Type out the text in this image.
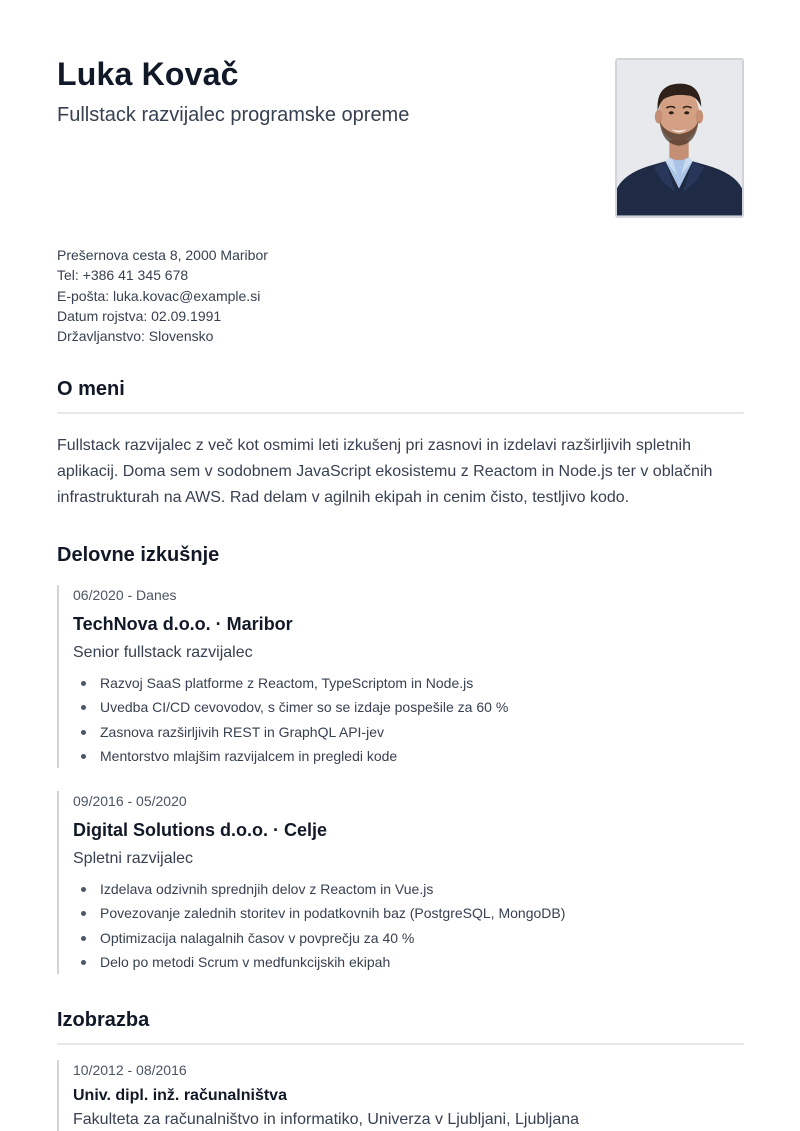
Luka Kovač
Fullstack razvijalec programske opreme
Prešernova cesta 8, 2000 Maribor
Tel: +386 41 345 678
E-pošta: luka.kovac@example.si
Datum rojstva: 02.09.1991
Državljanstvo: Slovensko
O meni

Fullstack razvijalec z več kot osmimi leti izkušenj pri zasnovi in izdelavi razširljivih spletnih aplikacij. Doma sem v sodobnem JavaScript ekosistemu z Reactom in Node.js ter v oblačnih infrastrukturah na AWS. Rad delam v agilnih ekipah in cenim čisto, testljivo kodo.

Delovne izkušnje
06/2020 - Danes
TechNova d.o.o. · Maribor
Senior fullstack razvijalec
Razvoj SaaS platforme z Reactom, TypeScriptom in Node.js
Uvedba CI/CD cevovodov, s čimer so se izdaje pospešile za 60 %
Zasnova razširljivih REST in GraphQL API-jev
Mentorstvo mlajšim razvijalcem in pregledi kode
09/2016 - 05/2020
Digital Solutions d.o.o. · Celje
Spletni razvijalec
Izdelava odzivnih sprednjih delov z Reactom in Vue.js
Povezovanje zalednih storitev in podatkovnih baz (PostgreSQL, MongoDB)
Optimizacija nalagalnih časov v povprečju za 40 %
Delo po metodi Scrum v medfunkcijskih ekipah
Izobrazba
10/2012 - 08/2016
Univ. dipl. inž. računalništva
Fakulteta za računalništvo in informatiko, Univerza v Ljubljani, Ljubljana
